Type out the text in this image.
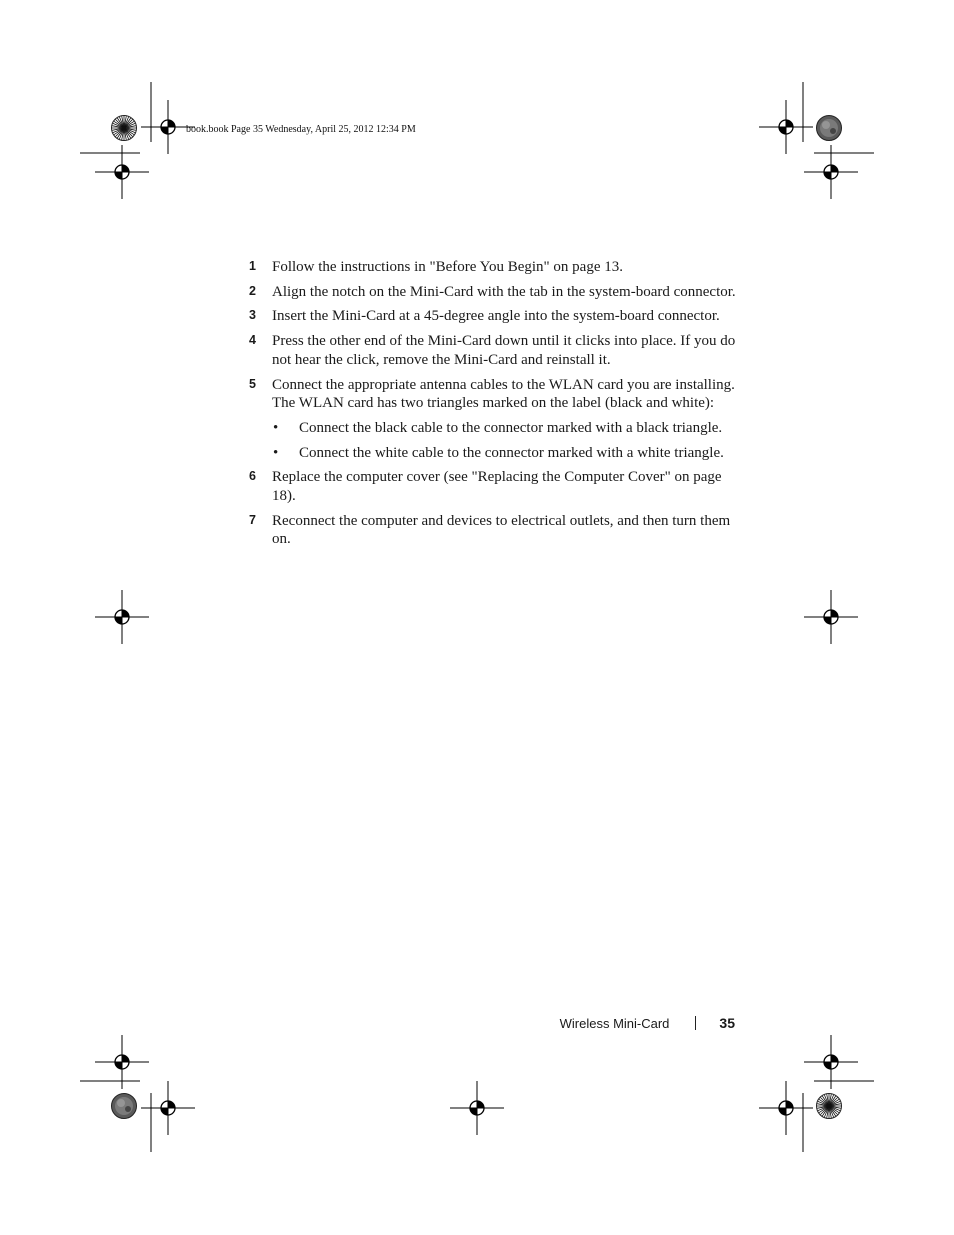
book.book Page 35 Wednesday, April 25, 2012 12:34 PM
1 Follow the instructions in "Before You Begin" on page 13.
2 Align the notch on the Mini-Card with the tab in the system-board connector.
3 Insert the Mini-Card at a 45-degree angle into the system-board connector.
4 Press the other end of the Mini-Card down until it clicks into place. If you do not hear the click, remove the Mini-Card and reinstall it.
5 Connect the appropriate antenna cables to the WLAN card you are installing. The WLAN card has two triangles marked on the label (black and white):
• Connect the black cable to the connector marked with a black triangle.
• Connect the white cable to the connector marked with a white triangle.
6 Replace the computer cover (see "Replacing the Computer Cover" on page 18).
7 Reconnect the computer and devices to electrical outlets, and then turn them on.
Wireless Mini-Card	35
